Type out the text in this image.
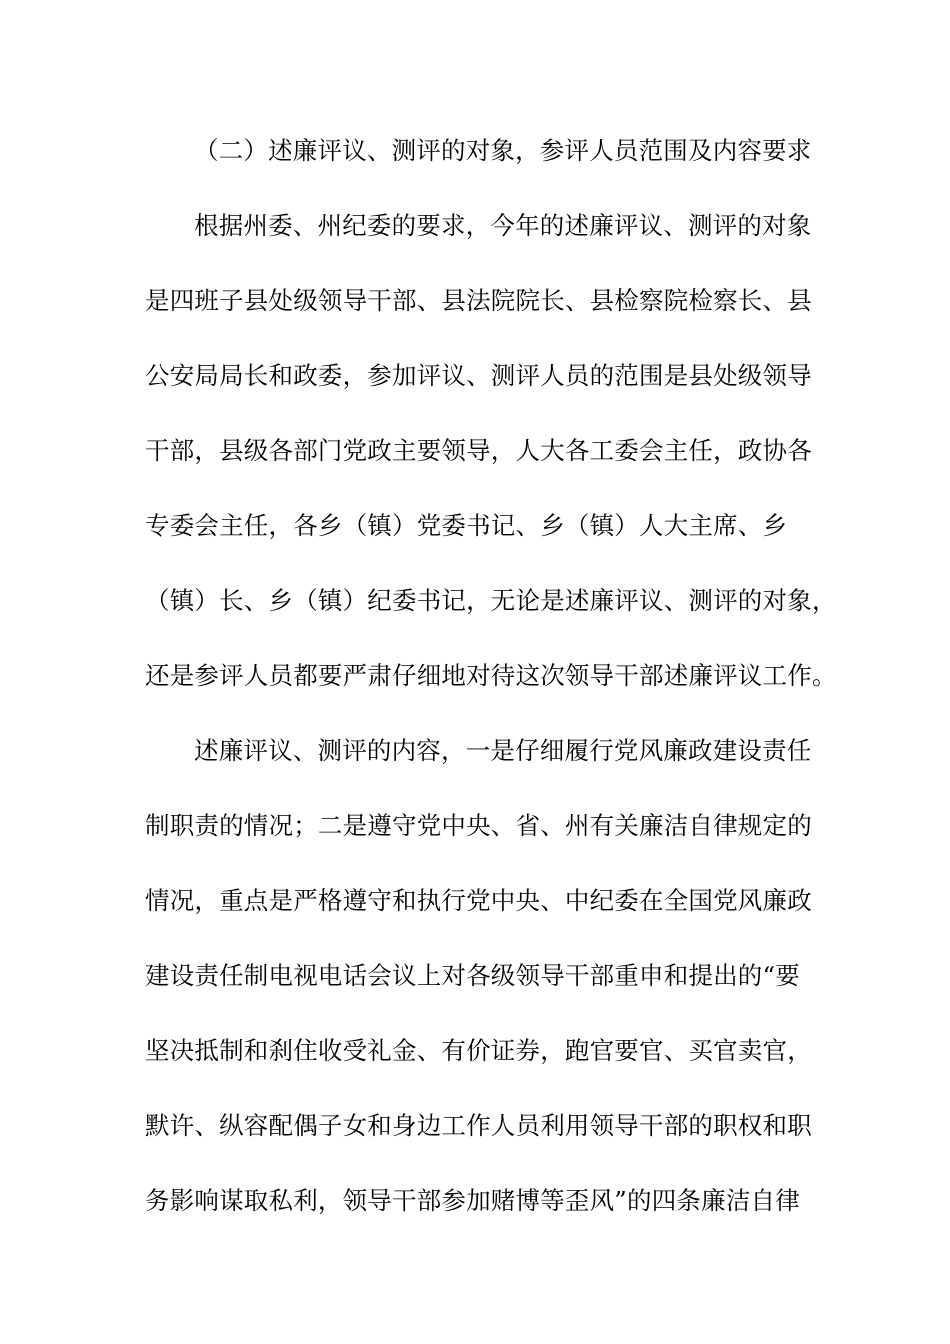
（二）述廉评议、测评的对象，参评人员范围及内容要求
根据州委、州纪委的要求，今年的述廉评议、测评的对象
是四班子县处级领导干部、县法院院长、县检察院检察长、县
公安局局长和政委，参加评议、测评人员的范围是县处级领导
干部，县级各部门党政主要领导，人大各工委会主任，政协各
专委会主任，各乡（镇）党委书记、乡（镇）人大主席、乡
（镇）长、乡（镇）纪委书记，无论是述廉评议、测评的对象，
还是参评人员都要严肃仔细地对待这次领导干部述廉评议工作。
述廉评议、测评的内容，一是仔细履行党风廉政建设责任
制职责的情况；二是遵守党中央、省、州有关廉洁自律规定的
情况，重点是严格遵守和执行党中央、中纪委在全国党风廉政
建设责任制电视电话会议上对各级领导干部重申和提出的“要
坚决抵制和刹住收受礼金、有价证券，跑官要官、买官卖官，
默许、纵容配偶子女和身边工作人员利用领导干部的职权和职
务影响谋取私利，领导干部参加赌博等歪风”的四条廉洁自律
